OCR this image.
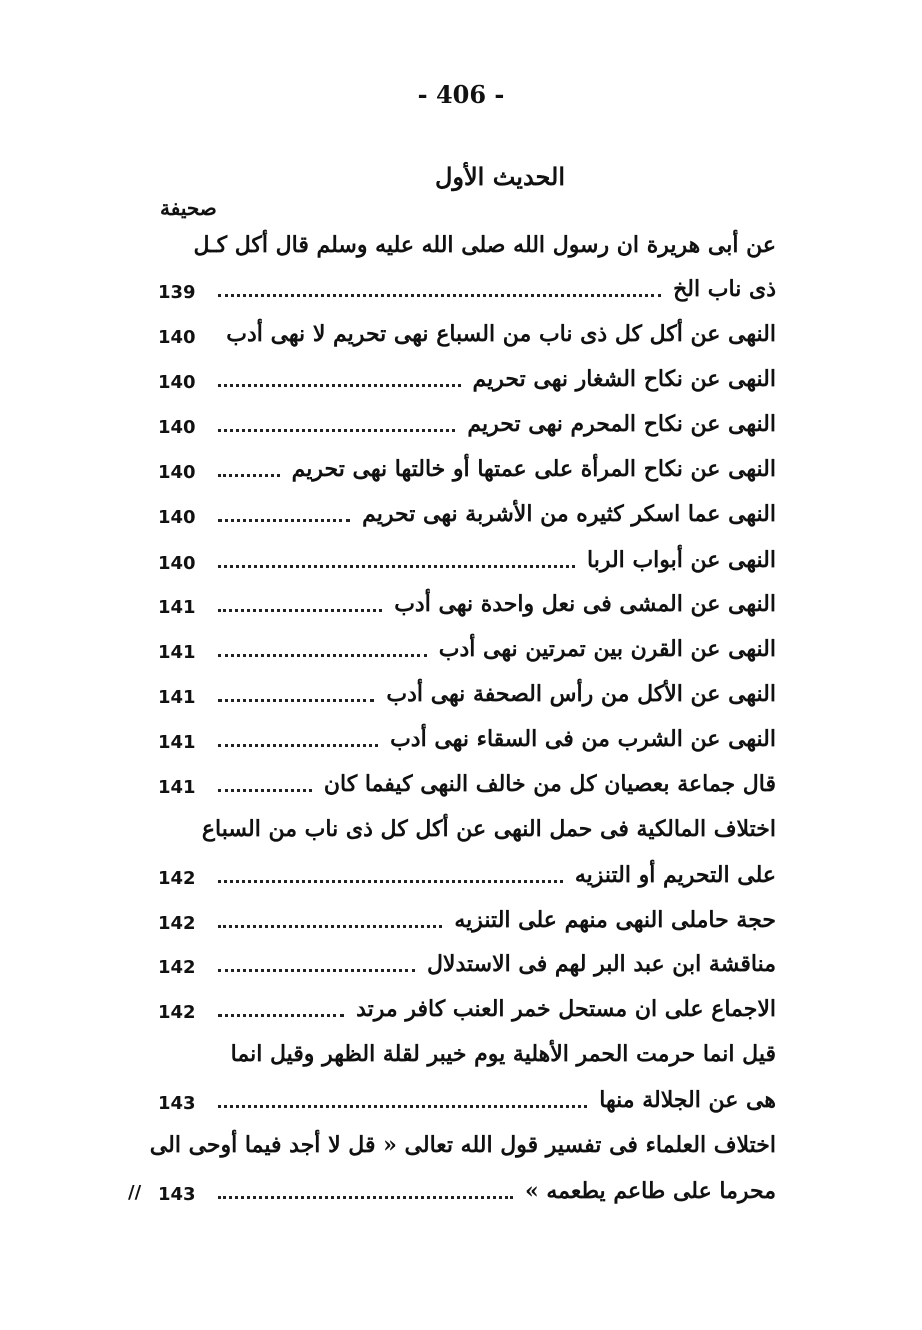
- 406 -
الحديث الأول
صحيفة
عن أبى هريرة ان رسول الله صلى الله عليه وسلم قال أكل كـل
ذى ناب الخ
139
النهى عن أكل كل ذى ناب من السباع نهى تحريم لا نهى أدب
140
النهى عن نكاح الشغار نهى تحريم
140
النهى عن نكاح المحرم نهى تحريم
140
النهى عن نكاح المرأة على عمتها أو خالتها نهى تحريم
140
النهى عما اسكر كثيره من الأشربة نهى تحريم
140
النهى عن أبواب الربا
140
النهى عن المشى فى نعل واحدة نهى أدب
141
النهى عن القرن بين تمرتين نهى أدب
141
النهى عن الأكل من رأس الصحفة نهى أدب
141
النهى عن الشرب من فى السقاء نهى أدب
141
قال جماعة بعصيان كل من خالف النهى كيفما كان
141
اختلاف المالكية فى حمل النهى عن أكل كل ذى ناب من السباع
على التحريم أو التنزيه
142
حجة حاملى النهى منهم على التنزيه
142
مناقشة ابن عبد البر لهم فى الاستدلال
142
الاجماع على ان مستحل خمر العنب كافر مرتد
142
قيل انما حرمت الحمر الأهلية يوم خيبر لقلة الظهر وقيل انما
هى عن الجلالة منها
143
اختلاف العلماء فى تفسير قول الله تعالى « قل لا أجد فيما أوحى الى
محرما على طاعم يطعمه »
143
//
